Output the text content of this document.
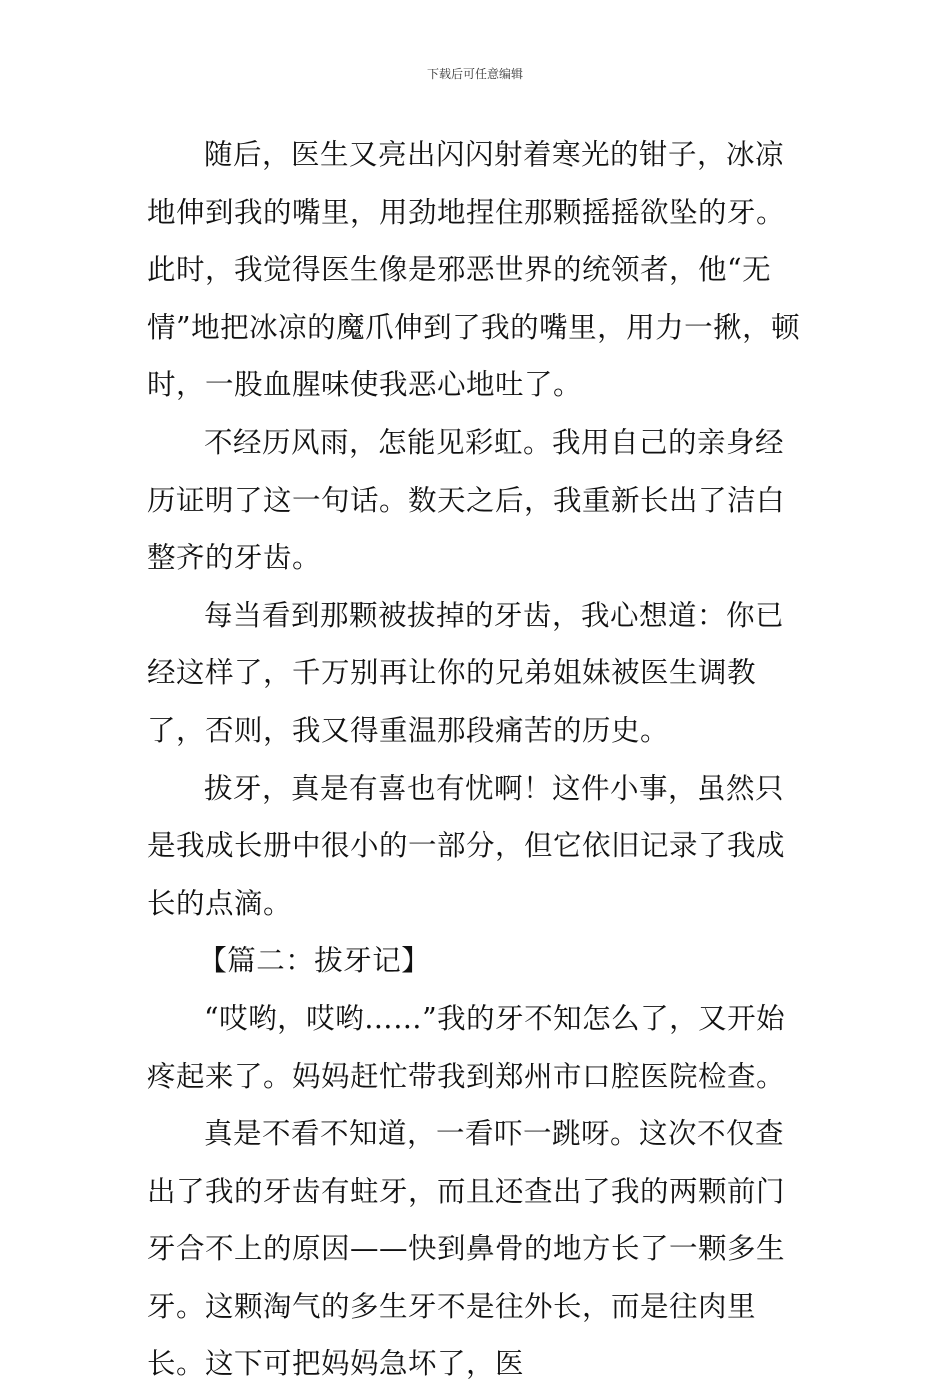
下载后可任意编辑

随后，医生又亮出闪闪射着寒光的钳子，冰凉地伸到我的嘴里，用劲地捏住那颗摇摇欲坠的牙。此时，我觉得医生像是邪恶世界的统领者，他“无情”地把冰凉的魔爪伸到了我的嘴里，用力一揪，顿时，一股血腥味使我恶心地吐了。

不经历风雨，怎能见彩虹。我用自己的亲身经历证明了这一句话。数天之后，我重新长出了洁白整齐的牙齿。

每当看到那颗被拔掉的牙齿，我心想道：你已经这样了，千万别再让你的兄弟姐妹被医生调教了，否则，我又得重温那段痛苦的历史。

拔牙，真是有喜也有忧啊！这件小事，虽然只是我成长册中很小的一部分，但它依旧记录了我成长的点滴。

【篇二：拔牙记】

“哎哟，哎哟……”我的牙不知怎么了，又开始疼起来了。妈妈赶忙带我到郑州市口腔医院检查。

真是不看不知道，一看吓一跳呀。这次不仅查出了我的牙齿有蛀牙，而且还查出了我的两颗前门牙合不上的原因——快到鼻骨的地方长了一颗多生牙。这颗淘气的多生牙不是往外长，而是往肉里长。这下可把妈妈急坏了，医
